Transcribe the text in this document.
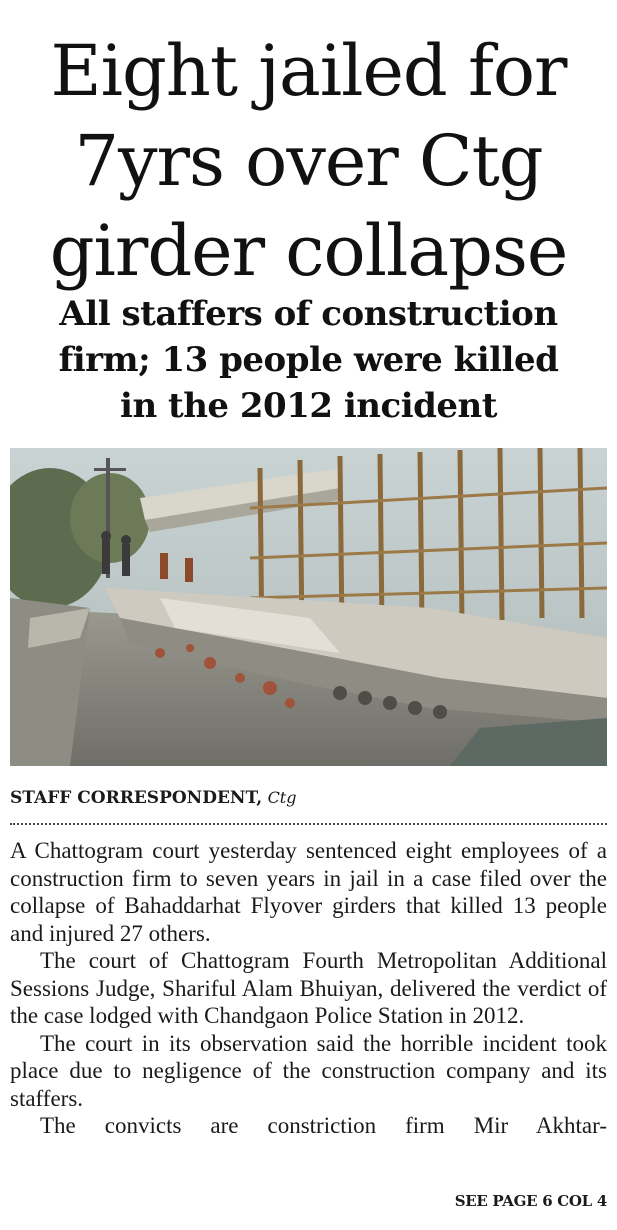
Eight jailed for
7yrs over Ctg
girder collapse
All staffers of construction
firm; 13 people were killed
in the 2012 incident
STAFF CORRESPONDENT, Ctg

A Chattogram court yesterday sentenced eight employees of a construction firm to seven years in jail in a case filed over the collapse of Bahaddarhat Flyover girders that killed 13 people and injured 27 others.

The court of Chattogram Fourth Metropolitan Additional Sessions Judge, Shariful Alam Bhuiyan, delivered the verdict of the case lodged with Chandgaon Police Station in 2012.

The court in its observation said the horrible incident took place due to negligence of the construction company and its staffers.

The convicts are constriction firm Mir Akhtar-

SEE PAGE 6 COL 4
